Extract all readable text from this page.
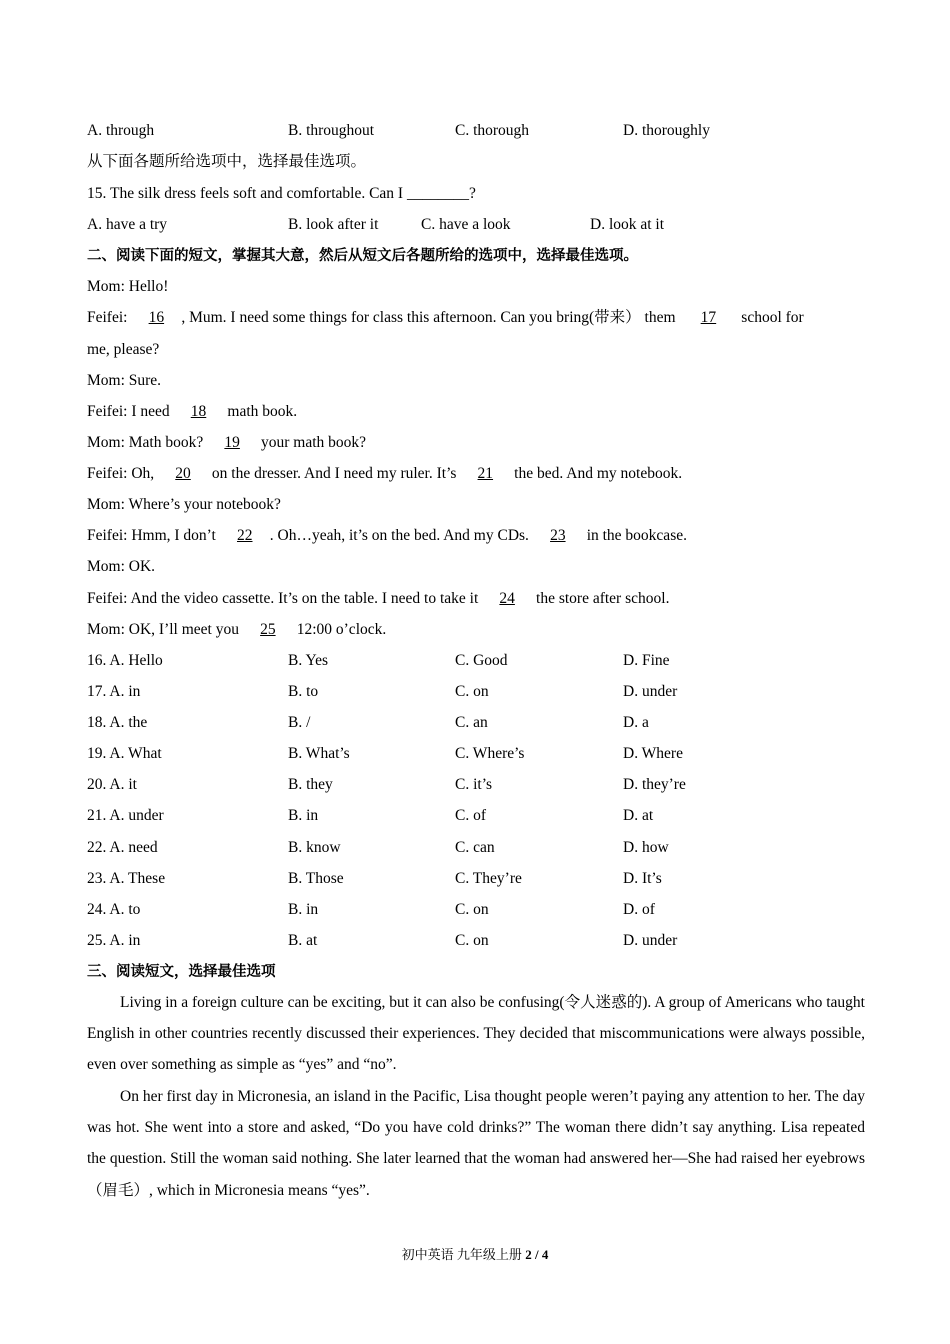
A. through	B. throughout	C. thorough	D. thoroughly
从下面各题所给选项中，选择最佳选项。
15. The silk dress feels soft and comfortable. Can I ________?
A. have a try	B. look after it	C. have a look	D. look at it
二、阅读下面的短文，掌握其大意，然后从短文后各题所给的选项中，选择最佳选项。
Mom: Hello!
Feifei: 16 , Mum. I need some things for class this afternoon. Can you bring(带来） them 17 school for
me, please?
Mom: Sure.
Feifei: I need 18 math book.
Mom: Math book? 19 your math book?
Feifei: Oh, 20 on the dresser. And I need my ruler. It’s 21 the bed. And my notebook.
Mom: Where’s your notebook?
Feifei: Hmm, I don’t 22 . Oh…yeah, it’s on the bed. And my CDs. 23 in the bookcase.
Mom: OK.
Feifei: And the video cassette. It’s on the table. I need to take it 24 the store after school.
Mom: OK, I’ll meet you 25 12:00 o’clock.
16. A. Hello	B. Yes	C. Good	D. Fine
17. A. in	B. to	C. on	D. under
18. A. the	B. /	C. an	D. a
19. A. What	B. What’s	C. Where’s	D. Where
20. A. it	B. they	C. it’s	D. they’re
21. A. under	B. in	C. of	D. at
22. A. need	B. know	C. can	D. how
23. A. These	B. Those	C. They’re	D. It’s
24. A. to	B. in	C. on	D. of
25. A. in	B. at	C. on	D. under
三、阅读短文，选择最佳选项
Living in a foreign culture can be exciting, but it can also be confusing(令人迷惑的). A group of Americans who taught English in other countries recently discussed their experiences. They decided that miscommunications were always possible, even over something as simple as “yes” and “no”.
On her first day in Micronesia, an island in the Pacific, Lisa thought people weren’t paying any attention to her. The day was hot. She went into a store and asked, “Do you have cold drinks?” The woman there didn’t say anything. Lisa repeated the question. Still the woman said nothing. She later learned that the woman had answered her—She had raised her eyebrows（眉毛）, which in Micronesia means “yes”.
初中英语 九年级上册 2 / 4
